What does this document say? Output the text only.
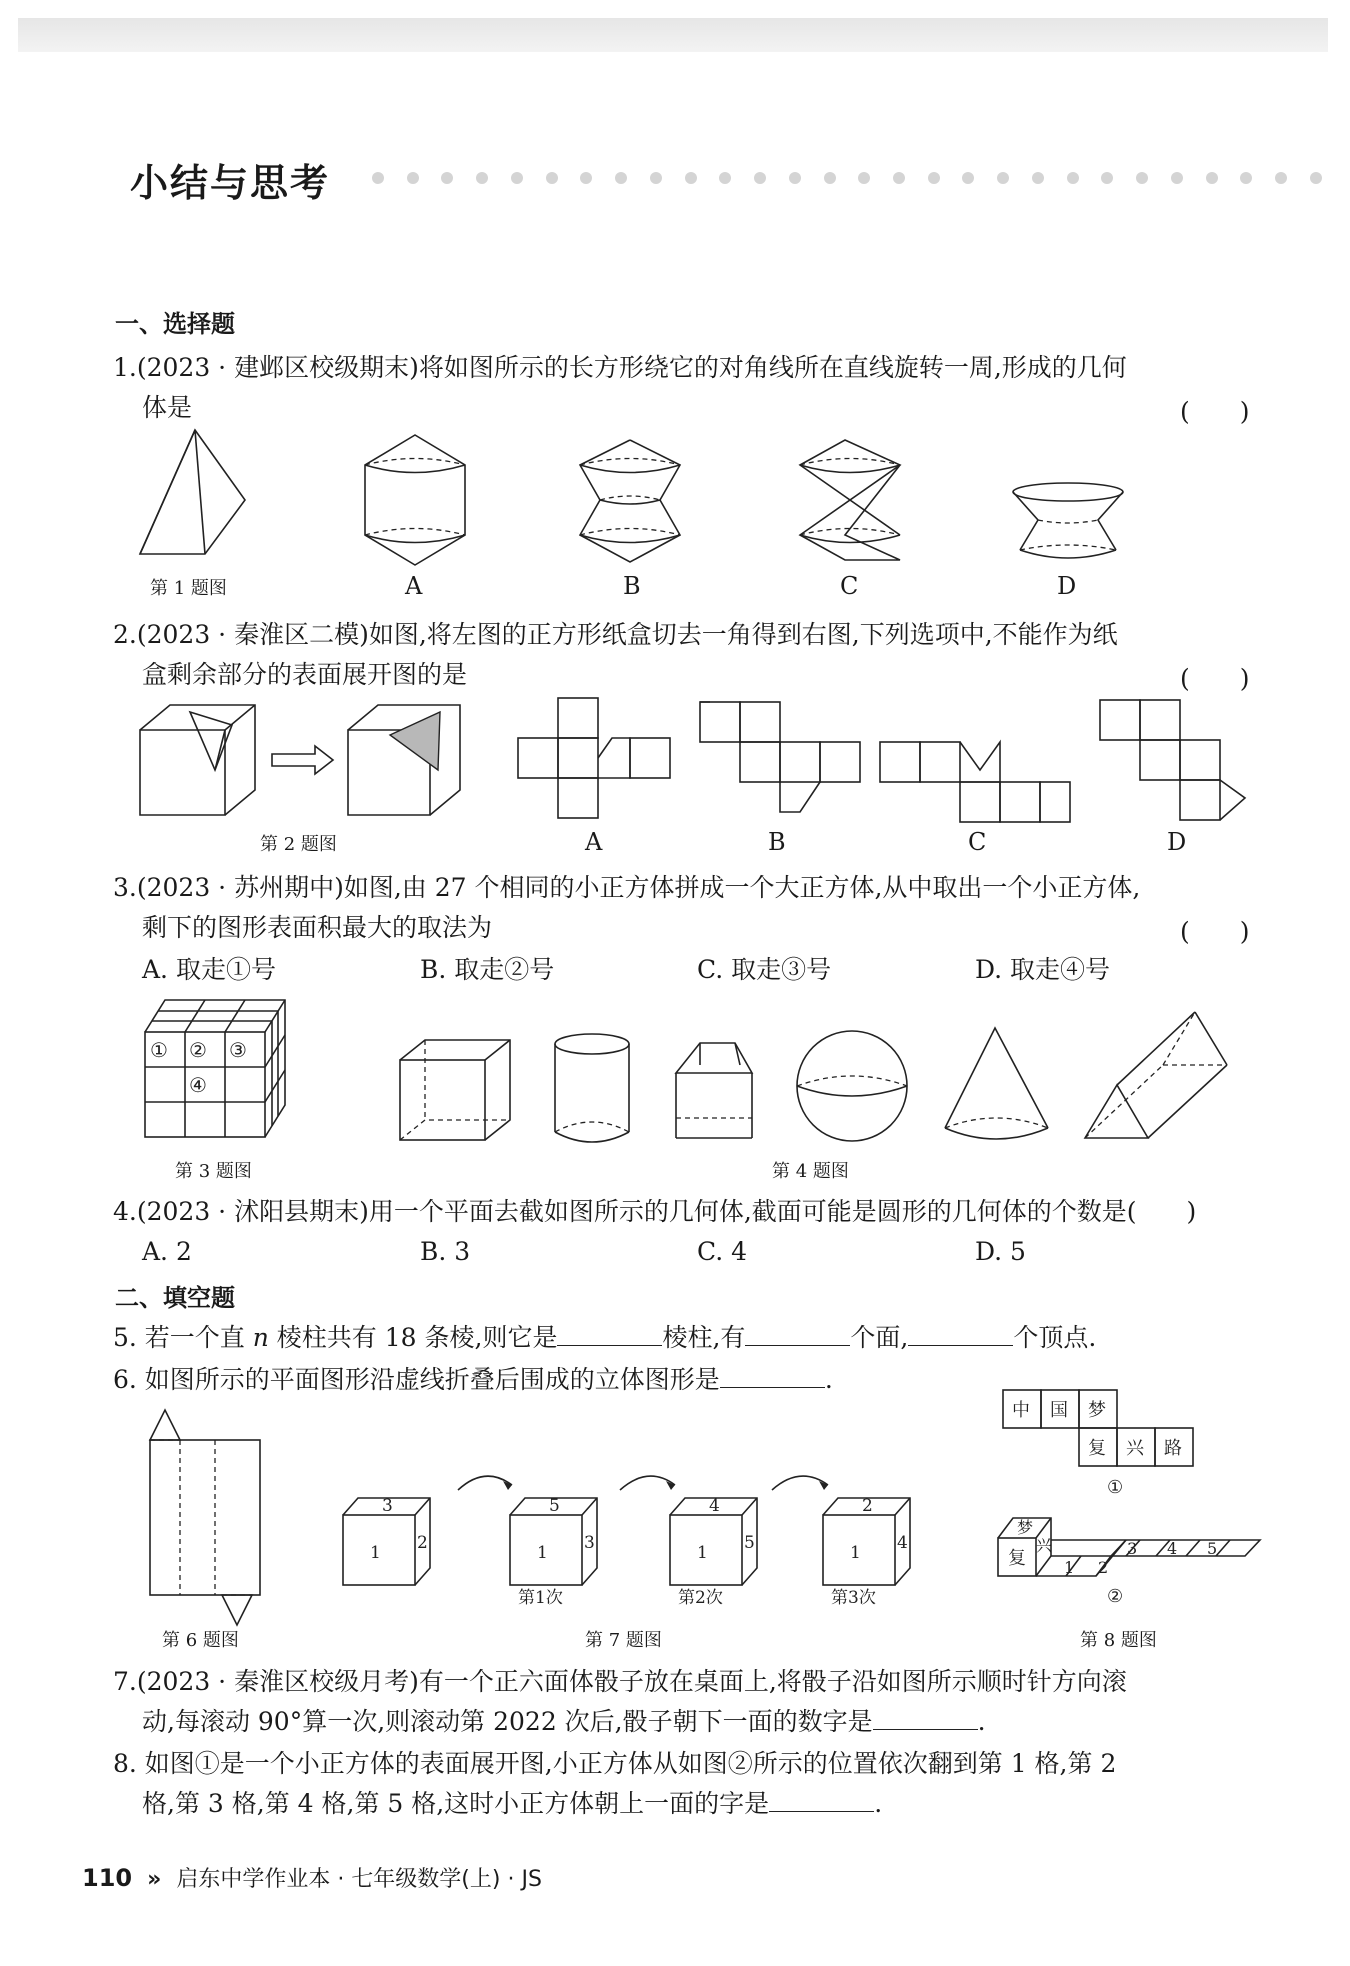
小结与思考
一、选择题
1.(2023 · 建邺区校级期末)将如图所示的长方形绕它的对角线所在直线旋转一周,形成的几何
体是	(　　)
第 1 题图	A	B	C	D
2.(2023 · 秦淮区二模)如图,将左图的正方形纸盒切去一角得到右图,下列选项中,不能作为纸
盒剩余部分的表面展开图的是	(　　)
第 2 题图	A	B	C	D
3.(2023 · 苏州期中)如图,由 27 个相同的小正方体拼成一个大正方体,从中取出一个小正方体,
剩下的图形表面积最大的取法为	(　　)
A. 取走①号	B. 取走②号	C. 取走③号	D. 取走④号
① ② ③
④
第 3 题图	第 4 题图
4.(2023 · 沭阳县期末)用一个平面去截如图所示的几何体,截面可能是圆形的几何体的个数是(　　)
A. 2	B. 3	C. 4	D. 5
二、填空题
5. 若一个直 n 棱柱共有 18 条棱,则它是	棱柱,有	个面,	个顶点.
6. 如图所示的平面图形沿虚线折叠后围成的立体图形是	.
3
1 2
5
1 3
4
1 5
2
1 4
第1次	第2次	第3次
中 国 梦
复 兴 路
①
梦
兴
复 1 2
3 4 5
②
第 6 题图	第 7 题图	第 8 题图
7.(2023 · 秦淮区校级月考)有一个正六面体骰子放在桌面上,将骰子沿如图所示顺时针方向滚
动,每滚动 90°算一次,则滚动第 2022 次后,骰子朝下一面的数字是	.
8. 如图①是一个小正方体的表面展开图,小正方体从如图②所示的位置依次翻到第 1 格,第 2
格,第 3 格,第 4 格,第 5 格,这时小正方体朝上一面的字是	.
110 » 启东中学作业本 · 七年级数学(上) · JS
